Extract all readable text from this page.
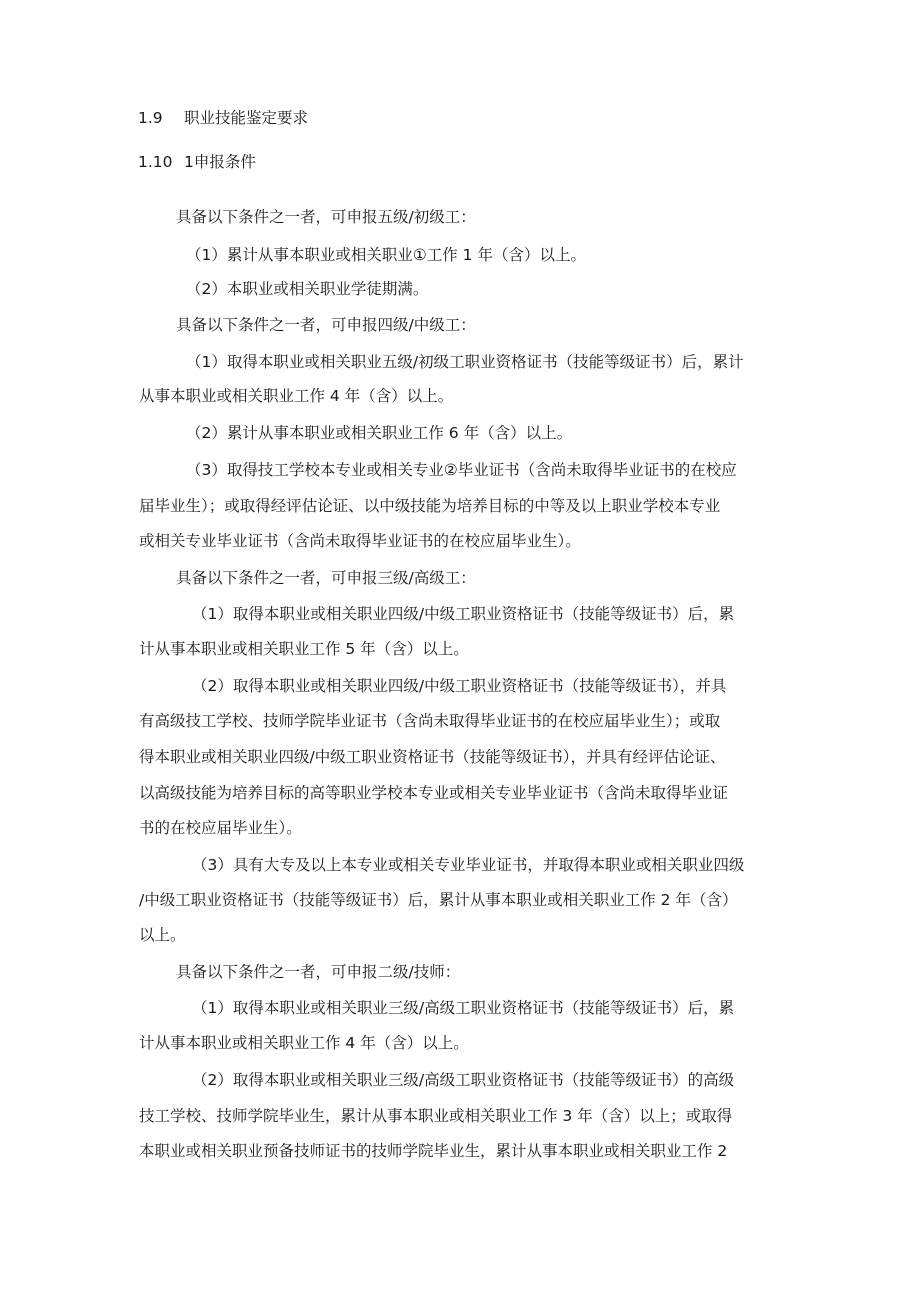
1.9 职业技能鉴定要求
1.10 1申报条件
具备以下条件之一者，可申报五级/初级工：
（1）累计从事本职业或相关职业①工作 1 年（含）以上。
（2）本职业或相关职业学徒期满。
具备以下条件之一者，可申报四级/中级工：
（1）取得本职业或相关职业五级/初级工职业资格证书（技能等级证书）后，累计
从事本职业或相关职业工作 4 年（含）以上。
（2）累计从事本职业或相关职业工作 6 年（含）以上。
（3）取得技工学校本专业或相关专业②毕业证书（含尚未取得毕业证书的在校应
届毕业生）；或取得经评估论证、以中级技能为培养目标的中等及以上职业学校本专业
或相关专业毕业证书（含尚未取得毕业证书的在校应届毕业生）。
具备以下条件之一者，可申报三级/高级工：
（1）取得本职业或相关职业四级/中级工职业资格证书（技能等级证书）后，累
计从事本职业或相关职业工作 5 年（含）以上。
（2）取得本职业或相关职业四级/中级工职业资格证书（技能等级证书），并具
有高级技工学校、技师学院毕业证书（含尚未取得毕业证书的在校应届毕业生）；或取
得本职业或相关职业四级/中级工职业资格证书（技能等级证书），并具有经评估论证、
以高级技能为培养目标的高等职业学校本专业或相关专业毕业证书（含尚未取得毕业证
书的在校应届毕业生）。
（3）具有大专及以上本专业或相关专业毕业证书，并取得本职业或相关职业四级
/中级工职业资格证书（技能等级证书）后，累计从事本职业或相关职业工作 2 年（含）
以上。
具备以下条件之一者，可申报二级/技师：
（1）取得本职业或相关职业三级/高级工职业资格证书（技能等级证书）后，累
计从事本职业或相关职业工作 4 年（含）以上。
（2）取得本职业或相关职业三级/高级工职业资格证书（技能等级证书）的高级
技工学校、技师学院毕业生，累计从事本职业或相关职业工作 3 年（含）以上；或取得
本职业或相关职业预备技师证书的技师学院毕业生，累计从事本职业或相关职业工作 2
